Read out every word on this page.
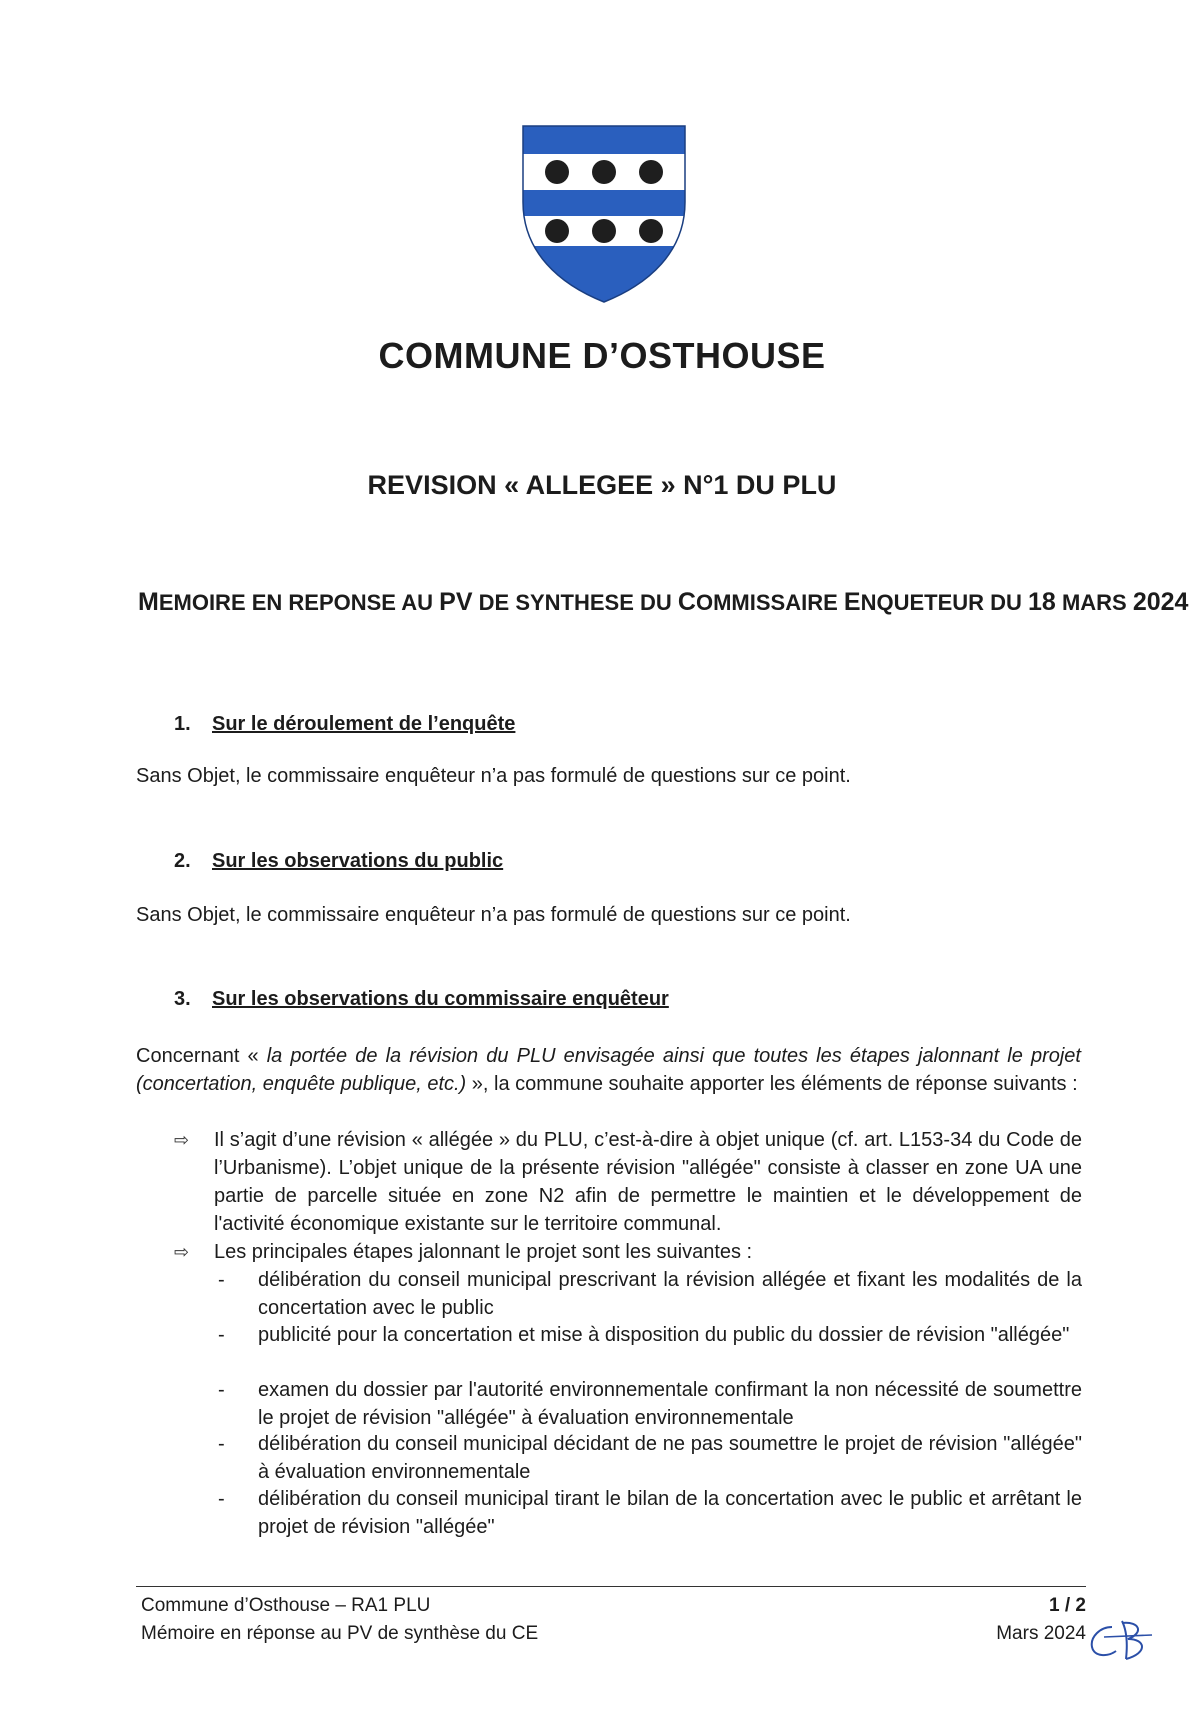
COMMUNE D’OSTHOUSE
REVISION « ALLEGEE » N°1 DU PLU

MEMOIRE EN REPONSE AU PV DE SYNTHESE DU COMMISSAIRE ENQUETEUR DU 18 MARS 2024

1. Sur le déroulement de l’enquête

Sans Objet, le commissaire enquêteur n’a pas formulé de questions sur ce point.

2. Sur les observations du public

Sans Objet, le commissaire enquêteur n’a pas formulé de questions sur ce point.

3. Sur les observations du commissaire enquêteur

Concernant « la portée de la révision du PLU envisagée ainsi que toutes les étapes jalonnant le projet (concertation, enquête publique, etc.) », la commune souhaite apporter les éléments de réponse suivants :

⇨	Il s’agit d’une révision « allégée » du PLU, c’est-à-dire à objet unique (cf. art. L153-34 du Code de l’Urbanisme). L’objet unique de la présente révision "allégée" consiste à classer en zone UA une partie de parcelle située en zone N2 afin de permettre le maintien et le développement de l'activité économique existante sur le territoire communal.
⇨	Les principales étapes jalonnant le projet sont les suivantes :
-	délibération du conseil municipal prescrivant la révision allégée et fixant les modalités de la concertation avec le public
-	publicité pour la concertation et mise à disposition du public du dossier de révision "allégée"
-	examen du dossier par l'autorité environnementale confirmant la non nécessité de soumettre le projet de révision "allégée" à évaluation environnementale
-	délibération du conseil municipal décidant de ne pas soumettre le projet de révision "allégée" à évaluation environnementale
-	délibération du conseil municipal tirant le bilan de la concertation avec le public et arrêtant le projet de révision "allégée"
Commune d’Osthouse – RA1 PLU
Mémoire en réponse au PV de synthèse du CE
1 / 2
Mars 2024
